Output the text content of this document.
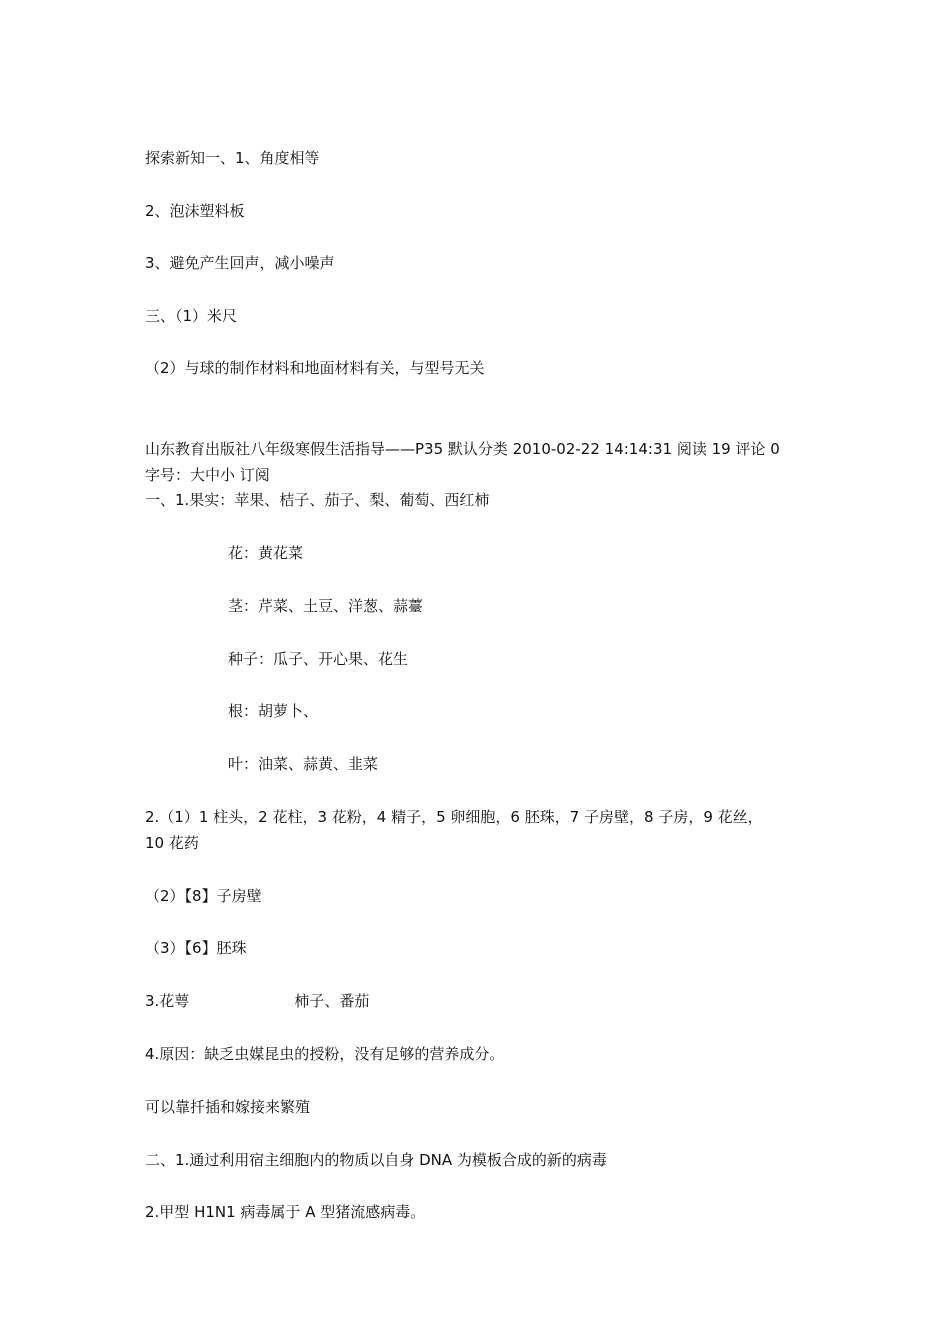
探索新知一、1、角度相等
2、泡沫塑料板
3、避免产生回声，减小噪声
三、（1）米尺
（2）与球的制作材料和地面材料有关，与型号无关
山东教育出版社八年级寒假生活指导——P35 默认分类 2010-02-22 14:14:31 阅读 19 评论 0字号：大中小 订阅
一、1.果实：苹果、桔子、茄子、梨、葡萄、西红柿
花：黄花菜
茎：芹菜、土豆、洋葱、蒜薹
种子：瓜子、开心果、花生
根：胡萝卜、
叶：油菜、蒜黄、韭菜
2.（1）1 柱头，2 花柱，3 花粉，4 精子，5 卵细胞，6 胚珠，7 子房壁，8 子房，9 花丝，
10 花药
（2）【8】子房壁
（3）【6】胚珠
3.花萼	柿子、番茄
4.原因：缺乏虫媒昆虫的授粉，没有足够的营养成分。
可以靠扦插和嫁接来繁殖
二、1.通过利用宿主细胞内的物质以自身 DNA 为模板合成的新的病毒
2.甲型 H1N1 病毒属于 A 型猪流感病毒。
